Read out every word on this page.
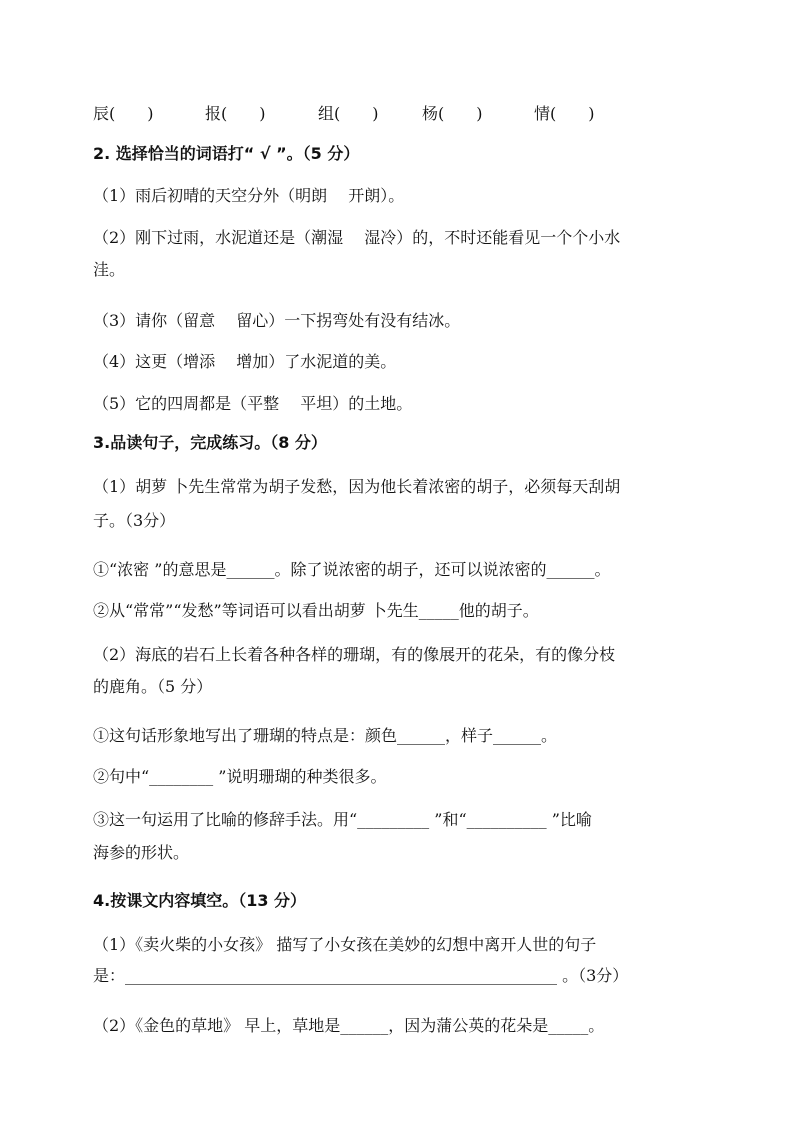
辰(　　)	报(　　)	组(　　)	杨(　　)	情(　　)
2. 选择恰当的词语打“ √ ”。（5 分）
（1）雨后初晴的天空分外（明朗　 开朗）。
（2）刚下过雨，水泥道还是（潮湿　 湿冷）的，不时还能看见一个个小水
洼。
（3）请你（留意　 留心）一下拐弯处有没有结冰。
（4）这更（增添　 增加）了水泥道的美。
（5）它的四周都是（平整　 平坦）的土地。
3.品读句子，完成练习。（8 分）
（1）胡萝 卜先生常常为胡子发愁，因为他长着浓密的胡子，必须每天刮胡
子。（3分）
①“浓密 ”的意思是______。除了说浓密的胡子，还可以说浓密的______。
②从“常常”“发愁”等词语可以看出胡萝 卜先生_____他的胡子。
（2）海底的岩石上长着各种各样的珊瑚，有的像展开的花朵，有的像分枝
的鹿角。（5 分）
①这句话形象地写出了珊瑚的特点是：颜色______，样子______。
②句中“________ ”说明珊瑚的种类很多。
③这一句运用了比喻的修辞手法。用“_________ ”和“__________ ”比喻
海参的形状。
4.按课文内容填空。（13 分）
（1）《卖火柴的小女孩》 描写了小女孩在美妙的幻想中离开人世的句子
是：______________________________________________________ 。（3分）
（2）《金色的草地》 早上，草地是______，因为蒲公英的花朵是_____。
